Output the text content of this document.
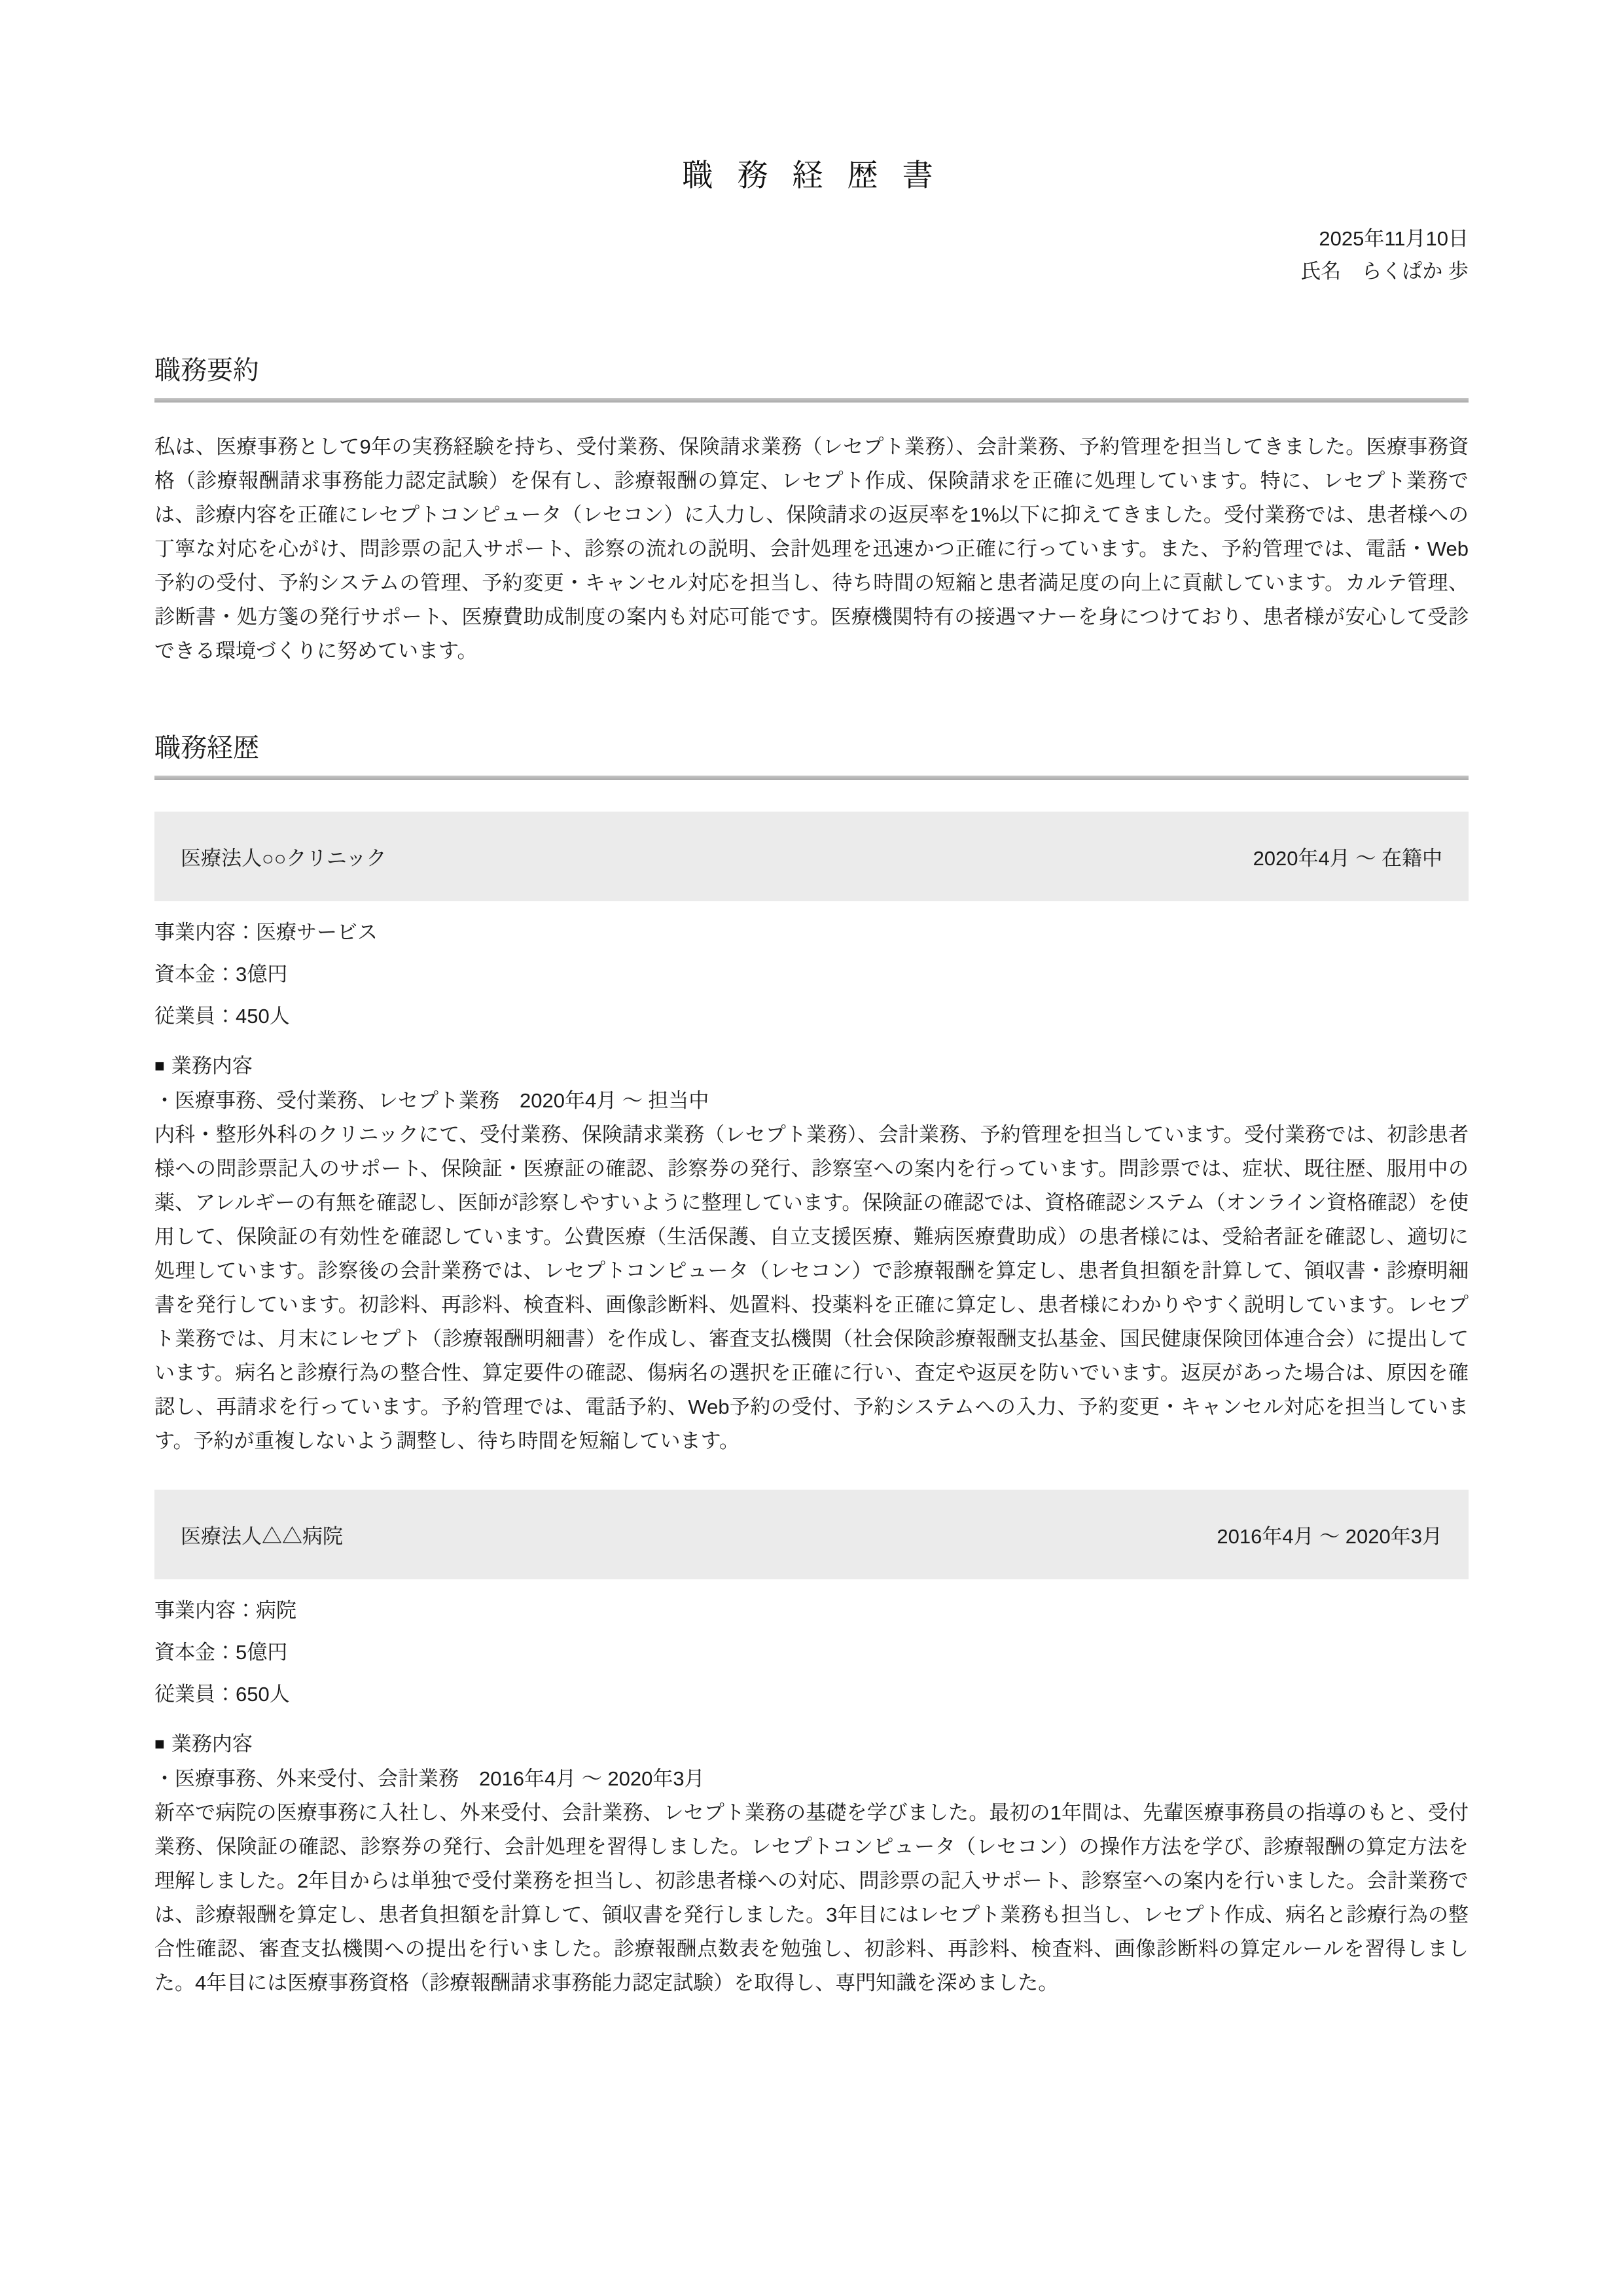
職 務 経 歴 書
2025年11月10日
氏名　らくぱか 歩
職務要約

私は、医療事務として9年の実務経験を持ち、受付業務、保険請求業務（レセプト業務）、会計業務、予約管理を担当してきました。医療事務資格（診療報酬請求事務能力認定試験）を保有し、診療報酬の算定、レセプト作成、保険請求を正確に処理しています。特に、レセプト業務では、診療内容を正確にレセプトコンピュータ（レセコン）に入力し、保険請求の返戻率を1%以下に抑えてきました。受付業務では、患者様への丁寧な対応を心がけ、問診票の記入サポート、診察の流れの説明、会計処理を迅速かつ正確に行っています。また、予約管理では、電話・Web予約の受付、予約システムの管理、予約変更・キャンセル対応を担当し、待ち時間の短縮と患者満足度の向上に貢献しています。カルテ管理、診断書・処方箋の発行サポート、医療費助成制度の案内も対応可能です。医療機関特有の接遇マナーを身につけており、患者様が安心して受診できる環境づくりに努めています。

職務経歴
医療法人○○クリニック	2020年4月 ～ 在籍中
事業内容：医療サービス
資本金：3億円
従業員：450人
■ 業務内容
・医療事務、受付業務、レセプト業務　2020年4月 ～ 担当中

内科・整形外科のクリニックにて、受付業務、保険請求業務（レセプト業務）、会計業務、予約管理を担当しています。受付業務では、初診患者様への問診票記入のサポート、保険証・医療証の確認、診察券の発行、診察室への案内を行っています。問診票では、症状、既往歴、服用中の薬、アレルギーの有無を確認し、医師が診察しやすいように整理しています。保険証の確認では、資格確認システム（オンライン資格確認）を使用して、保険証の有効性を確認しています。公費医療（生活保護、自立支援医療、難病医療費助成）の患者様には、受給者証を確認し、適切に処理しています。診察後の会計業務では、レセプトコンピュータ（レセコン）で診療報酬を算定し、患者負担額を計算して、領収書・診療明細書を発行しています。初診料、再診料、検査料、画像診断料、処置料、投薬料を正確に算定し、患者様にわかりやすく説明しています。レセプト業務では、月末にレセプト（診療報酬明細書）を作成し、審査支払機関（社会保険診療報酬支払基金、国民健康保険団体連合会）に提出しています。病名と診療行為の整合性、算定要件の確認、傷病名の選択を正確に行い、査定や返戻を防いでいます。返戻があった場合は、原因を確認し、再請求を行っています。予約管理では、電話予約、Web予約の受付、予約システムへの入力、予約変更・キャンセル対応を担当しています。予約が重複しないよう調整し、待ち時間を短縮しています。

医療法人△△病院	2016年4月 ～ 2020年3月
事業内容：病院
資本金：5億円
従業員：650人
■ 業務内容
・医療事務、外来受付、会計業務　2016年4月 ～ 2020年3月

新卒で病院の医療事務に入社し、外来受付、会計業務、レセプト業務の基礎を学びました。最初の1年間は、先輩医療事務員の指導のもと、受付業務、保険証の確認、診察券の発行、会計処理を習得しました。レセプトコンピュータ（レセコン）の操作方法を学び、診療報酬の算定方法を理解しました。2年目からは単独で受付業務を担当し、初診患者様への対応、問診票の記入サポート、診察室への案内を行いました。会計業務では、診療報酬を算定し、患者負担額を計算して、領収書を発行しました。3年目にはレセプト業務も担当し、レセプト作成、病名と診療行為の整合性確認、審査支払機関への提出を行いました。診療報酬点数表を勉強し、初診料、再診料、検査料、画像診断料の算定ルールを習得しました。4年目には医療事務資格（診療報酬請求事務能力認定試験）を取得し、専門知識を深めました。
